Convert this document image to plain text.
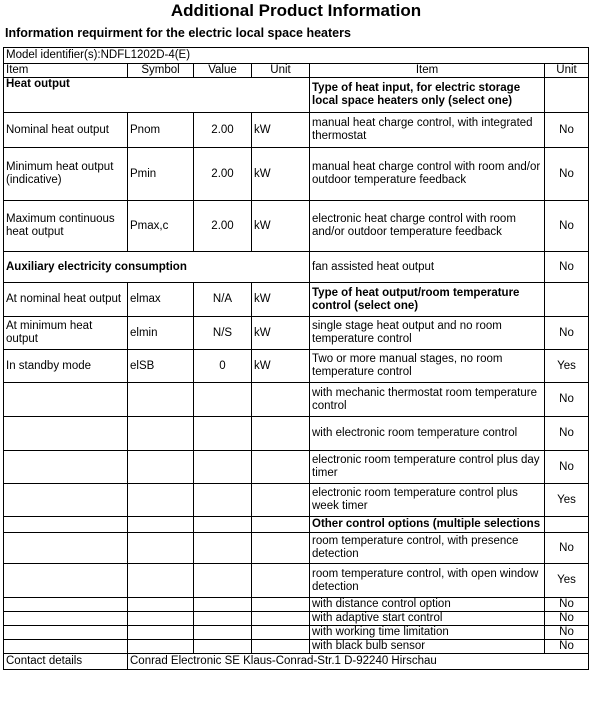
Additional Product Information
Information requirment for the electric local space heaters
Model identifier(s):NDFL1202D-4(E)					
Item	Symbol	Value	Unit	Item	Unit
Heat output				Type of heat input, for electric storage local space heaters only (select one)	
Nominal heat output	Pnom	2.00	kW	manual heat charge control, with integrated thermostat	No
Minimum heat output (indicative)	Pmin	2.00	kW	manual heat charge control with room and/or outdoor temperature feedback	No
Maximum continuous heat output	Pmax,c	2.00	kW	electronic heat charge control with room and/or outdoor temperature feedback	No
Auxiliary electricity consumption				fan assisted heat output	No
At nominal heat output	elmax	N/A	kW	Type of heat output/room temperature control (select one)	
At minimum heat output	elmin	N/S	kW	single stage heat output and no room temperature control	No
In standby mode	elSB	0	kW	Two or more manual stages, no room temperature control	Yes
				with mechanic thermostat room temperature control	No
				with electronic room temperature control	No
				electronic room temperature control plus day timer	No
				electronic room temperature control plus week timer	Yes
				Other control options (multiple selections	
				room temperature control, with presence detection	No
				room temperature control, with open window detection	Yes
				with distance control option	No
				with adaptive start control	No
				with working time limitation	No
				with black bulb sensor	No
Contact details	Conrad Electronic SE Klaus-Conrad-Str.1 D-92240 Hirschau				
